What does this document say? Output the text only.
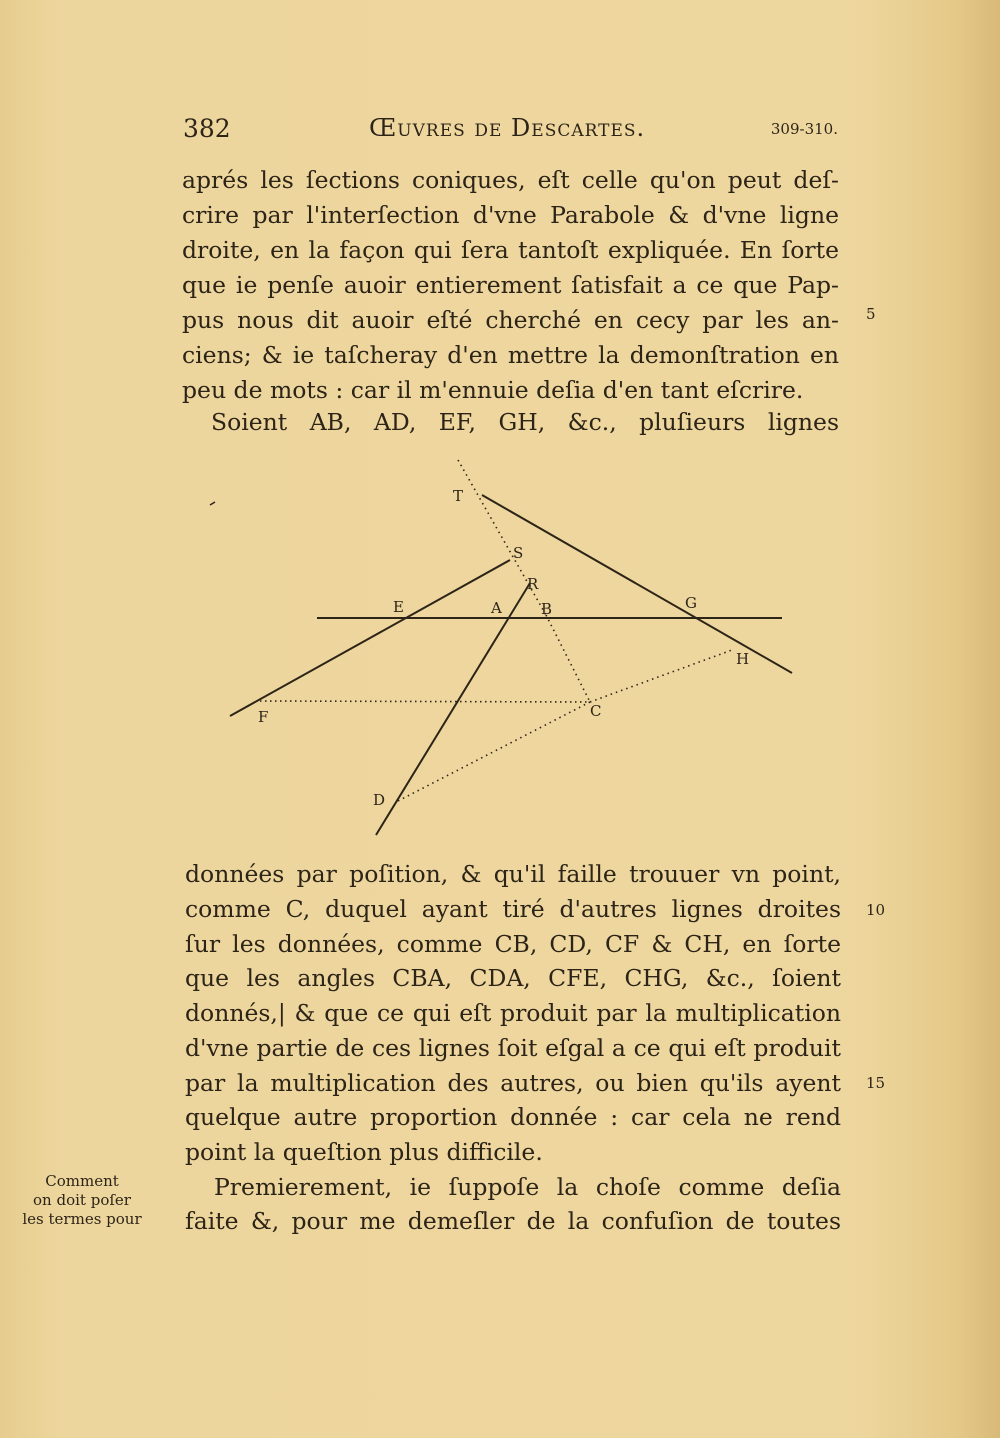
382	Œuvres de Descartes.	309-310.
aprés les ſections coniques, eſt celle qu'on peut deſ-
crire par l'interſection d'vne Parabole & d'vne ligne
droite, en la façon qui ſera tantoſt expliquée. En ſorte
que ie penſe auoir entierement ſatisfait a ce que Pap-
pus nous dit auoir eſté cherché en cecy par les an-
ciens; & ie taſcheray d'en mettre la demonſtration en
peu de mots : car il m'ennuie deſia d'en tant eſcrire.
Soient AB, AD, EF, GH, &c., pluſieurs lignes
5
T
S
R
E	A	B	G
H
F	C
D
données par poſition, & qu'il faille trouuer vn point,
comme C, duquel ayant tiré d'autres lignes droites
ſur les données, comme CB, CD, CF & CH, en ſorte
que les angles CBA, CDA, CFE, CHG, &c., ſoient
donnés,| & que ce qui eſt produit par la multiplication
d'vne partie de ces lignes ſoit eſgal a ce qui eſt produit
par la multiplication des autres, ou bien qu'ils ayent
quelque autre proportion donnée : car cela ne rend
point la queſtion plus difficile.
Premierement, ie ſuppoſe la choſe comme deſia
faite &, pour me demeſler de la confuſion de toutes
10
15
Comment
on doit poſer
les termes pour
